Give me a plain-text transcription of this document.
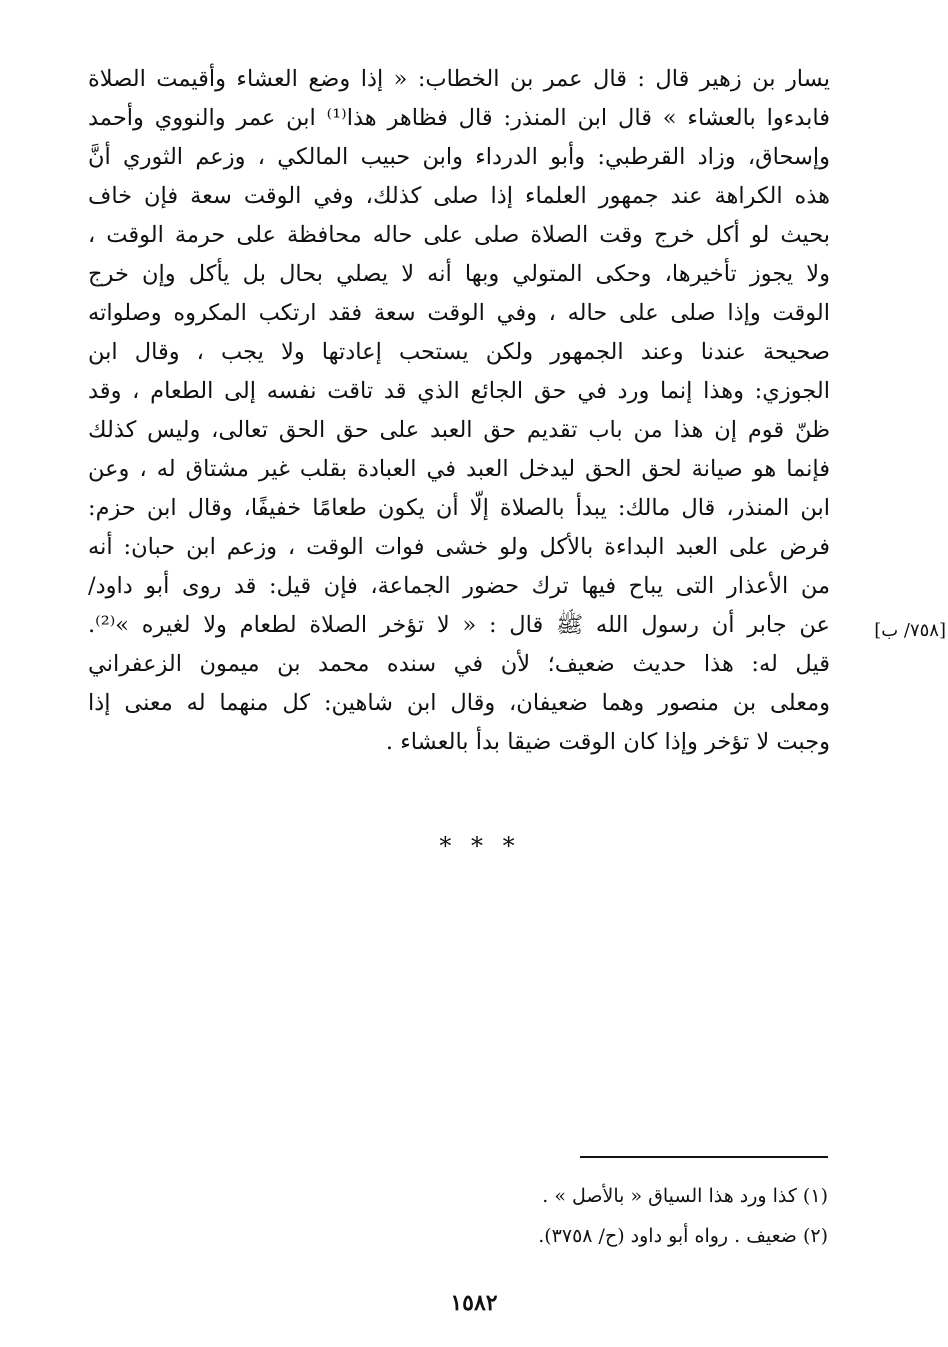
يسار بن زهير قال : قال عمر بن الخطاب: « إذا وضع العشاء وأقيمت الصلاة
فابدءوا بالعشاء » قال ابن المنذر: قال فظاهر هذا⁽¹⁾ ابن عمر والنووي وأحمد
وإسحاق، وزاد القرطبي: وأبو الدرداء وابن حبيب المالكي ، وزعم الثوري أنَّ
هذه الكراهة عند جمهور العلماء إذا صلى كذلك، وفي الوقت سعة فإن خاف
بحيث لو أكل خرج وقت الصلاة صلى على حاله محافظة على حرمة الوقت ،
ولا يجوز تأخيرها، وحكى المتولي وبها أنه لا يصلي بحال بل يأكل وإن خرج
الوقت وإذا صلى على حاله ، وفي الوقت سعة فقد ارتكب المكروه وصلواته
صحيحة عندنا وعند الجمهور ولكن يستحب إعادتها ولا يجب ، وقال ابن
الجوزي: وهذا إنما ورد في حق الجائع الذي قد تاقت نفسه إلى الطعام ، وقد
ظنّ قوم إن هذا من باب تقديم حق العبد على حق الحق تعالى، وليس كذلك
فإنما هو صيانة لحق الحق ليدخل العبد في العبادة بقلب غير مشتاق له ، وعن
ابن المنذر، قال مالك: يبدأ بالصلاة إلّا أن يكون طعامًا خفيفًا، وقال ابن حزم:
فرض على العبد البداءة بالأكل ولو خشى فوات الوقت ، وزعم ابن حبان: أنه
من الأعذار التى يباح فيها ترك حضور الجماعة، فإن قيل: قد روى أبو داود/
عن جابر أن رسول الله ﷺ قال : « لا تؤخر الصلاة لطعام ولا لغيره »⁽²⁾.
قيل له: هذا حديث ضعيف؛ لأن في سنده محمد بن ميمون الزعفراني
ومعلى بن منصور وهما ضعيفان، وقال ابن شاهين: كل منهما له معنى إذا
وجبت لا تؤخر وإذا كان الوقت ضيقا بدأ بالعشاء .
[٧٥٨/ ب]
* * *
(١) كذا ورد هذا السياق « بالأصل » .
(٢) ضعيف . رواه أبو داود (ح/ ٣٧٥٨).
١٥٨٢
